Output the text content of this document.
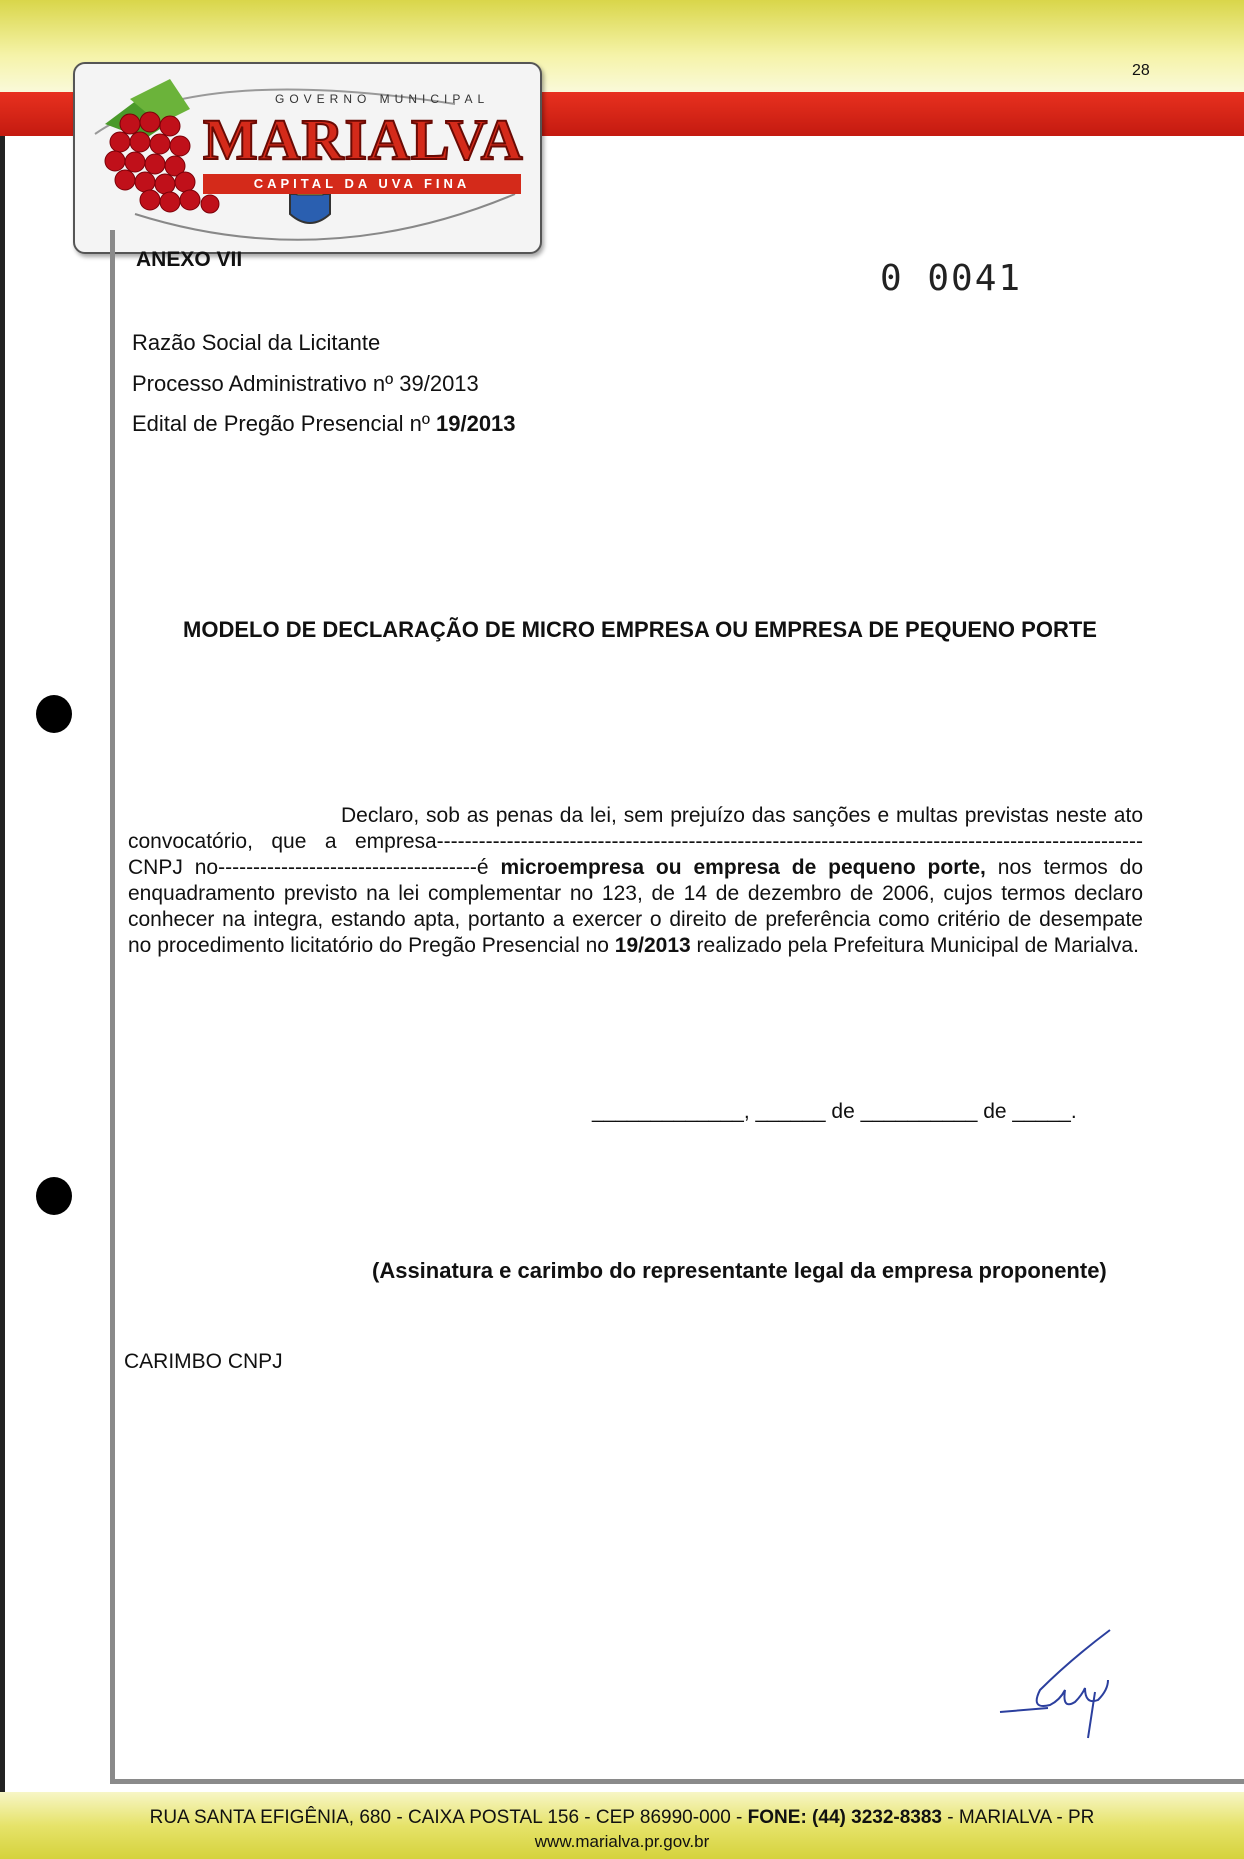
GOVERNO MUNICIPAL
MARIALVA
CAPITAL DA UVA FINA
28
0 0041
ANEXO VII
Razão Social da Licitante
Processo Administrativo nº 39/2013
Edital de Pregão Presencial nº 19/2013
MODELO DE DECLARAÇÃO DE MICRO EMPRESA OU EMPRESA DE PEQUENO PORTE

Declaro, sob as penas da lei, sem prejuízo das sanções e multas previstas neste ato convocatório, que a empresa-----------------------------------------------------------------------------------------------------CNPJ no-------------------------------------é microempresa ou empresa de pequeno porte, nos termos do enquadramento previsto na lei complementar no 123, de 14 de dezembro de 2006, cujos termos declaro conhecer na integra, estando apta, portanto a exercer o direito de preferência como critério de desempate no procedimento licitatório do Pregão Presencial no 19/2013 realizado pela Prefeitura Municipal de Marialva.

_____________, ______ de __________ de _____.
(Assinatura e carimbo do representante legal da empresa proponente)
CARIMBO CNPJ
RUA SANTA EFIGÊNIA, 680 - CAIXA POSTAL 156 - CEP 86990-000 - FONE: (44) 3232-8383 - MARIALVA - PR
www.marialva.pr.gov.br
